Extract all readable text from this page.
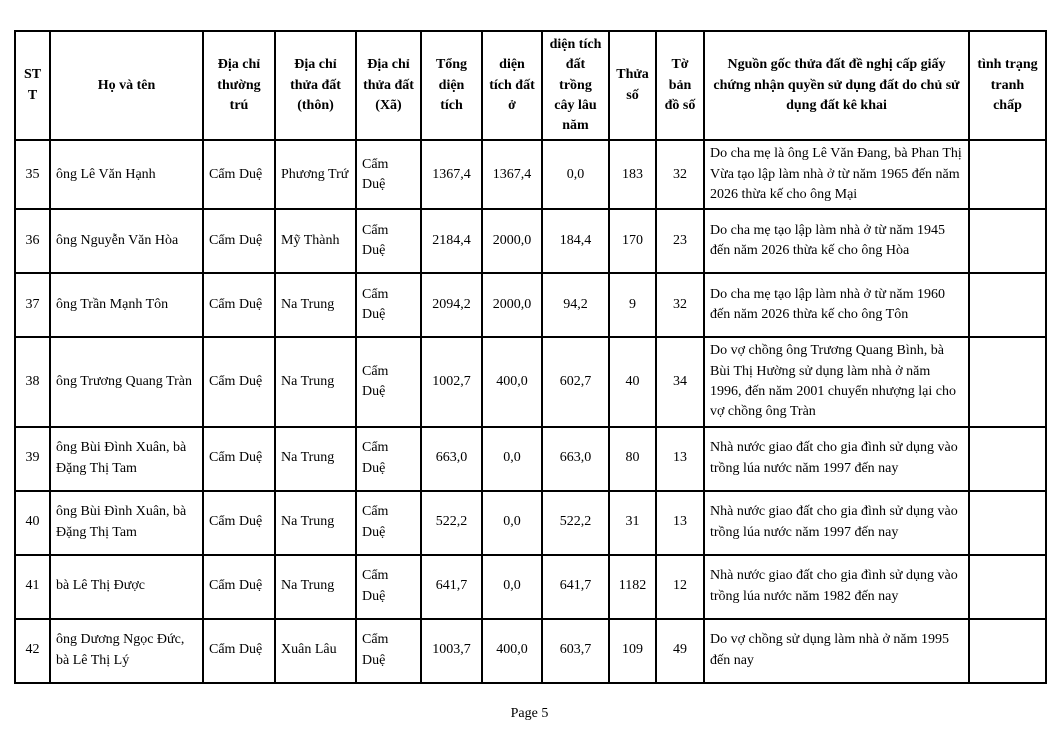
STT	Họ và tên	Địa chỉ thường trú	Địa chỉ thửa đất (thôn)	Địa chỉ thửa đất (Xã)	Tổng diện tích	diện tích đất ở	diện tích đất trồng cây lâu năm	Thửa số	Tờ bản đồ số	Nguồn gốc thửa đất đề nghị cấp giấy chứng nhận quyền sử dụng đất do chủ sử dụng đất kê khai	tình trạng tranh chấp
35	ông Lê Văn Hạnh	Cẩm Duệ	Phương Trứ	Cẩm Duệ	1367,4	1367,4	0,0	183	32	Do cha mẹ là ông Lê Văn Đang, bà Phan Thị Vừa tạo lập làm nhà ở từ năm 1965 đến năm 2026 thừa kế cho ông Mại	
36	ông Nguyễn Văn Hòa	Cẩm Duệ	Mỹ Thành	Cẩm Duệ	2184,4	2000,0	184,4	170	23	Do cha mẹ tạo lập làm nhà ở từ năm 1945 đến năm 2026 thừa kế cho ông Hòa	
37	ông Trần Mạnh Tôn	Cẩm Duệ	Na Trung	Cẩm Duệ	2094,2	2000,0	94,2	9	32	Do cha mẹ tạo lập làm nhà ở từ năm 1960 đến năm 2026 thừa kế cho ông Tôn	
38	ông Trương Quang Tràn	Cẩm Duệ	Na Trung	Cẩm Duệ	1002,7	400,0	602,7	40	34	Do vợ chồng ông Trương Quang Bình, bà Bùi Thị Hường sử dụng làm nhà ở năm 1996, đến năm 2001 chuyển nhượng lại cho vợ chồng ông Tràn	
39	ông Bùi Đình Xuân, bà Đặng Thị Tam	Cẩm Duệ	Na Trung	Cẩm Duệ	663,0	0,0	663,0	80	13	Nhà nước giao đất cho gia đình sử dụng vào trồng lúa nước năm 1997 đến nay	
40	ông Bùi Đình Xuân, bà Đặng Thị Tam	Cẩm Duệ	Na Trung	Cẩm Duệ	522,2	0,0	522,2	31	13	Nhà nước giao đất cho gia đình sử dụng vào trồng lúa nước năm 1997 đến nay	
41	bà Lê Thị Được	Cẩm Duệ	Na Trung	Cẩm Duệ	641,7	0,0	641,7	1182	12	Nhà nước giao đất cho gia đình sử dụng vào trồng lúa nước năm 1982 đến nay	
42	ông Dương Ngọc Đức, bà Lê Thị Lý	Cẩm Duệ	Xuân Lâu	Cẩm Duệ	1003,7	400,0	603,7	109	49	Do vợ chồng sử dụng làm nhà ở năm 1995 đến nay	
Page 5
